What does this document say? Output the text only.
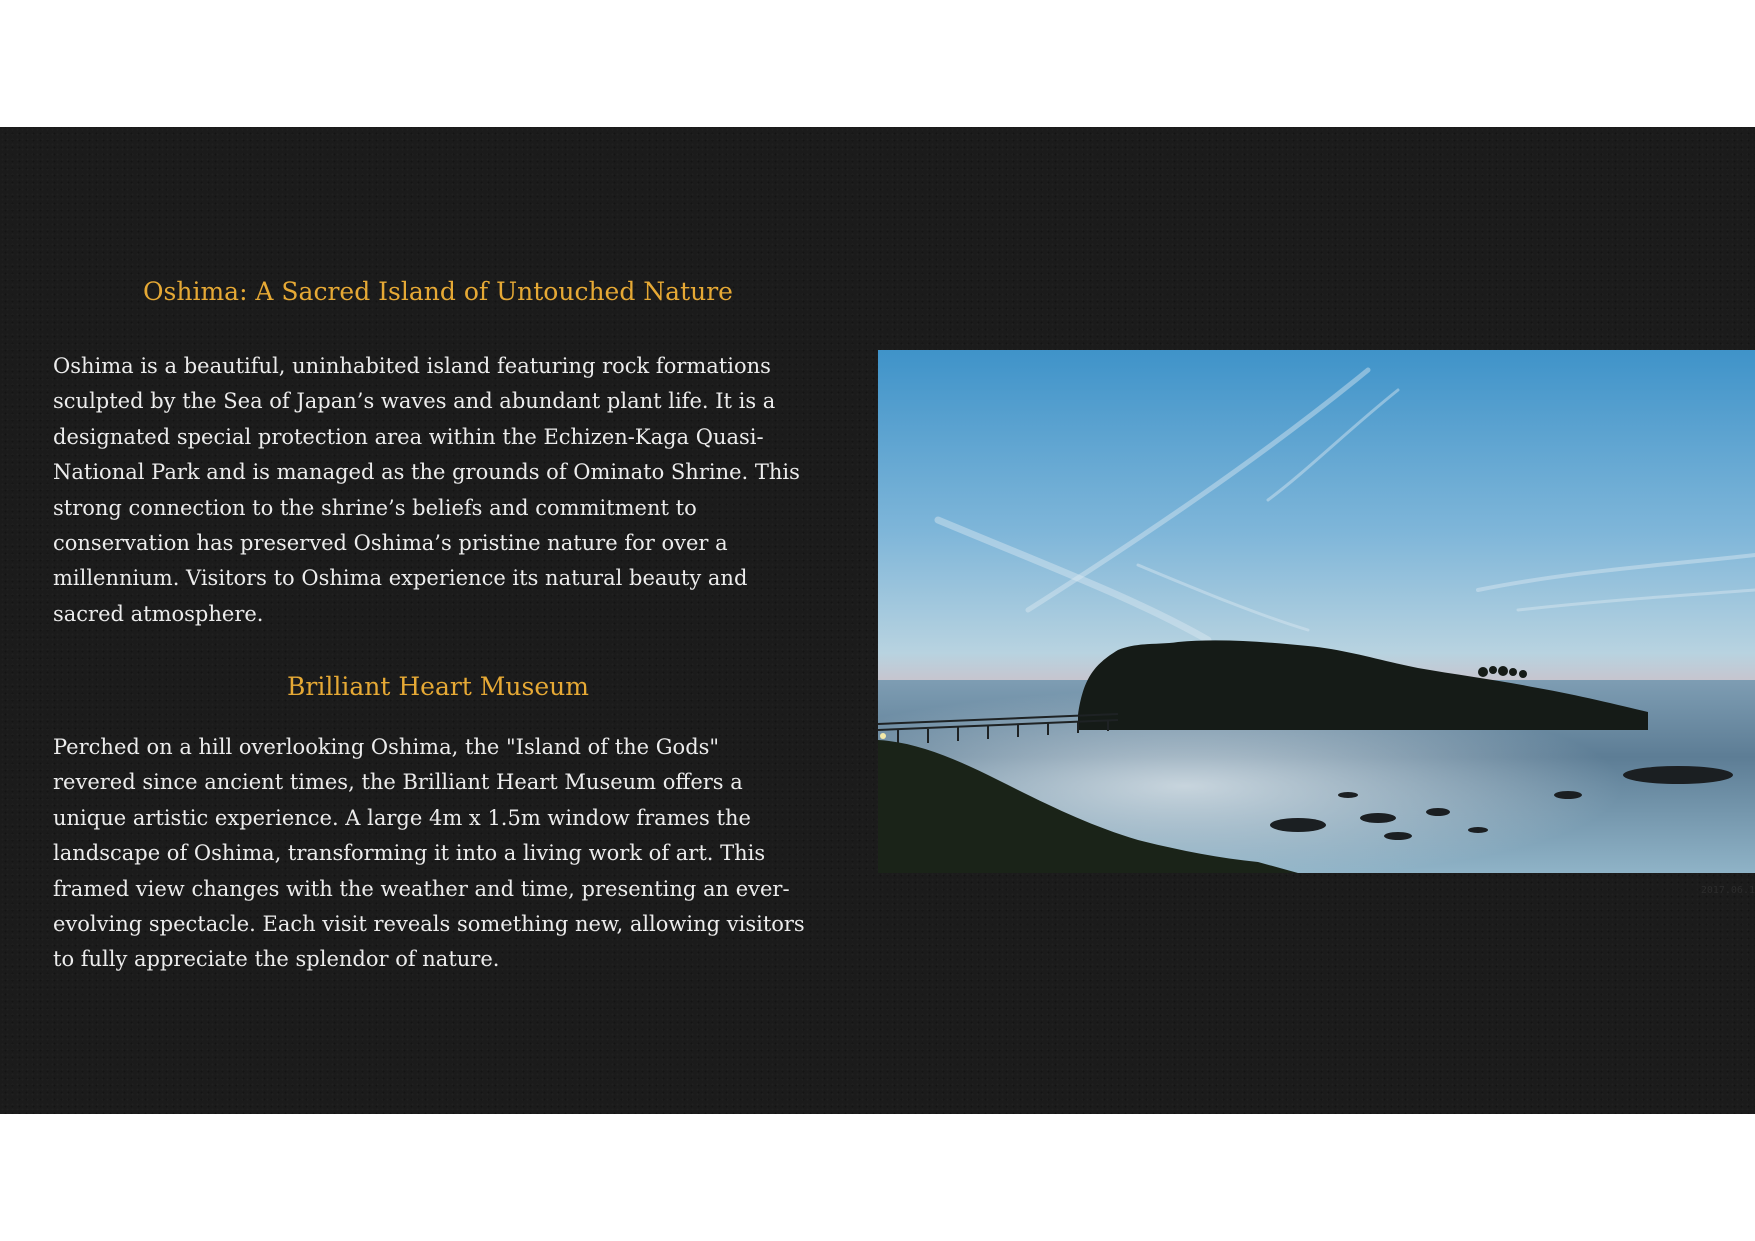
Oshima: A Sacred Island of Untouched Nature

Oshima is a beautiful, uninhabited island featuring rock formations
sculpted by the Sea of Japan’s waves and abundant plant life. It is a
designated special protection area within the Echizen-Kaga Quasi-
National Park and is managed as the grounds of Ominato Shrine. This
strong connection to the shrine’s beliefs and commitment to
conservation has preserved Oshima’s pristine nature for over a
millennium. Visitors to Oshima experience its natural beauty and
sacred atmosphere.

Brilliant Heart Museum

Perched on a hill overlooking Oshima, the "Island of the Gods"
revered since ancient times, the Brilliant Heart Museum offers a
unique artistic experience. A large 4m x 1.5m window frames the
landscape of Oshima, transforming it into a living work of art. This
framed view changes with the weather and time, presenting an ever-
evolving spectacle. Each visit reveals something new, allowing visitors
to fully appreciate the splendor of nature.

2017.06.1
